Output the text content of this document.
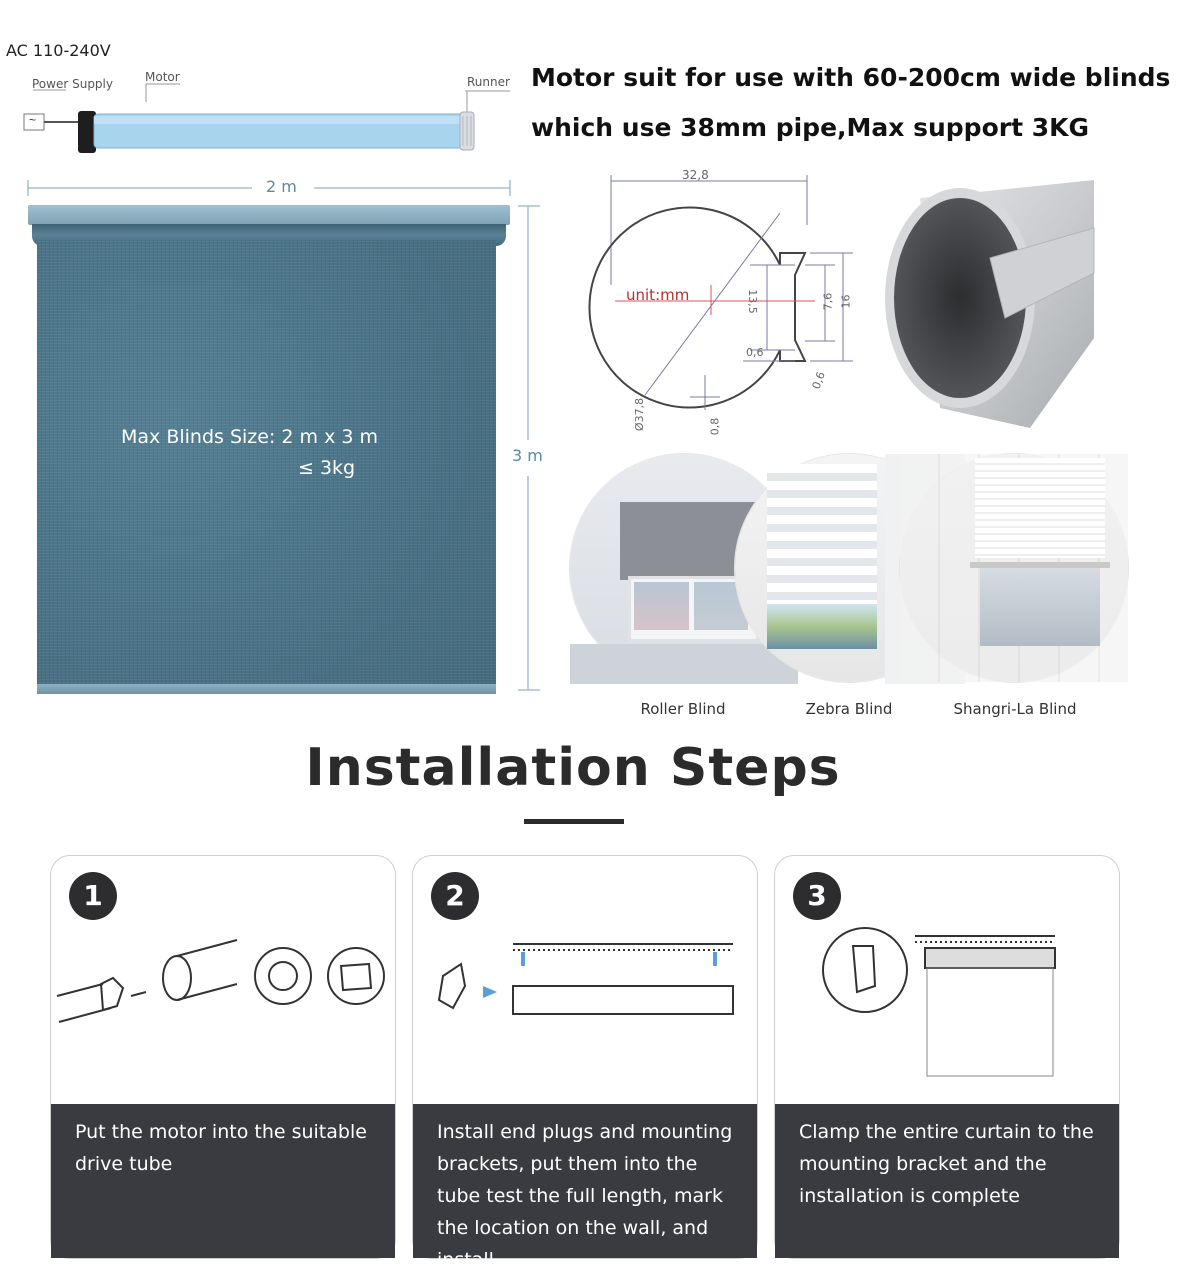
AC 110-240V
Power Supply	Motor	Runner
~
Motor suit for use with 60-200cm wide blinds
which use 38mm pipe,Max support 3KG
2 m
3 m
Max Blinds Size: 2 m x 3 m
≤ 3kg
32,8
unit:mm	13,5	7,6 16
0,6
0,6
Ø37,8	0,8
Roller Blind	Zebra Blind	Shangri-La Blind
Installation Steps
1
Put the motor into the suitable drive tube
2
Install end plugs and mounting brackets, put them into the tube test the full length, mark the location on the wall, and install
3
Clamp the entire curtain to the mounting bracket and the installation is complete
